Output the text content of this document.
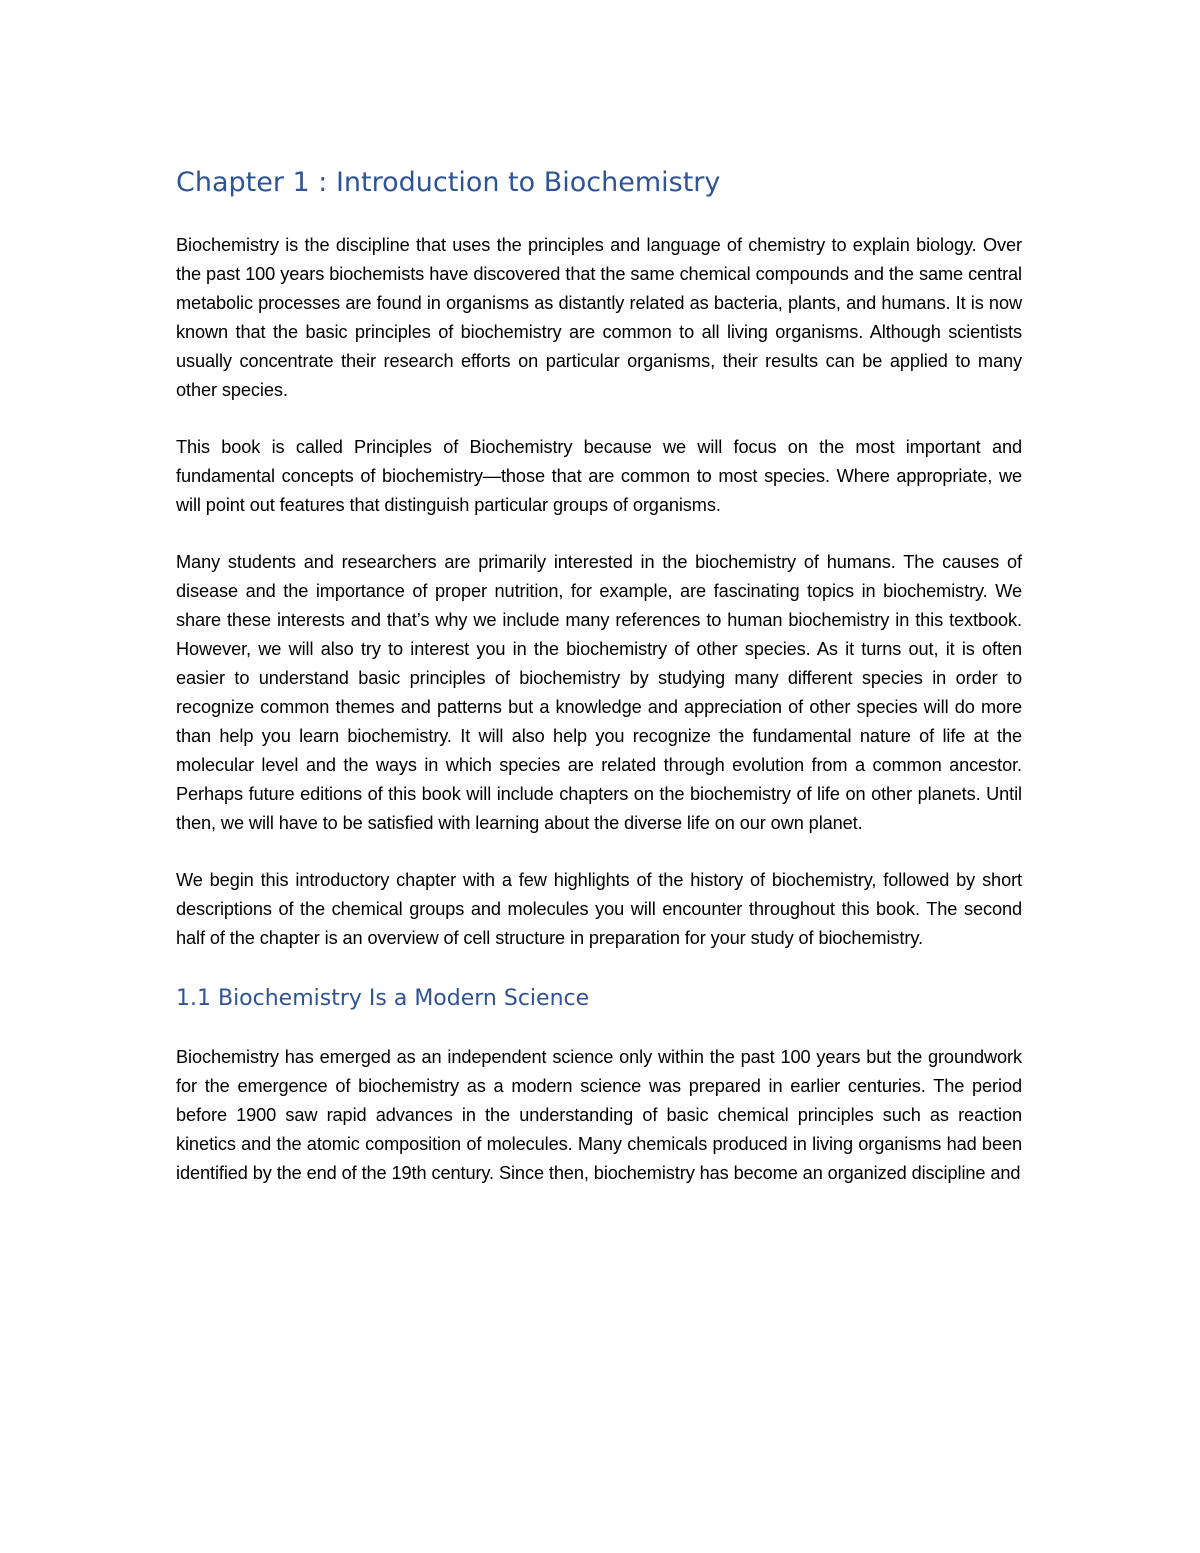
Chapter 1 : Introduction to Biochemistry

Biochemistry is the discipline that uses the principles and language of chemistry to explain biology. Over the past 100 years biochemists have discovered that the same chemical compounds and the same central metabolic processes are found in organisms as distantly related as bacteria, plants, and humans. It is now known that the basic principles of biochemistry are common to all living organisms. Although scientists usually concentrate their research efforts on particular organisms, their results can be applied to many other species.

This book is called Principles of Biochemistry because we will focus on the most important and fundamental concepts of biochemistry—those that are common to most species. Where appropriate, we will point out features that distinguish particular groups of organisms.

Many students and researchers are primarily interested in the biochemistry of humans. The causes of disease and the importance of proper nutrition, for example, are fascinating topics in biochemistry. We share these interests and that’s why we include many references to human biochemistry in this textbook. However, we will also try to interest you in the biochemistry of other species. As it turns out, it is often easier to understand basic principles of biochemistry by studying many different species in order to recognize common themes and patterns but a knowledge and appreciation of other species will do more than help you learn biochemistry. It will also help you recognize the fundamental nature of life at the molecular level and the ways in which species are related through evolution from a common ancestor. Perhaps future editions of this book will include chapters on the biochemistry of life on other planets. Until then, we will have to be satisfied with learning about the diverse life on our own planet.

We begin this introductory chapter with a few highlights of the history of biochemistry, followed by short descriptions of the chemical groups and molecules you will encounter throughout this book. The second half of the chapter is an overview of cell structure in preparation for your study of biochemistry.

1.1 Biochemistry Is a Modern Science

Biochemistry has emerged as an independent science only within the past 100 years but the groundwork for the emergence of biochemistry as a modern science was prepared in earlier centuries. The period before 1900 saw rapid advances in the understanding of basic chemical principles such as reaction kinetics and the atomic composition of molecules. Many chemicals produced in living organisms had been identified by the end of the 19th century. Since then, biochemistry has become an organized discipline and
